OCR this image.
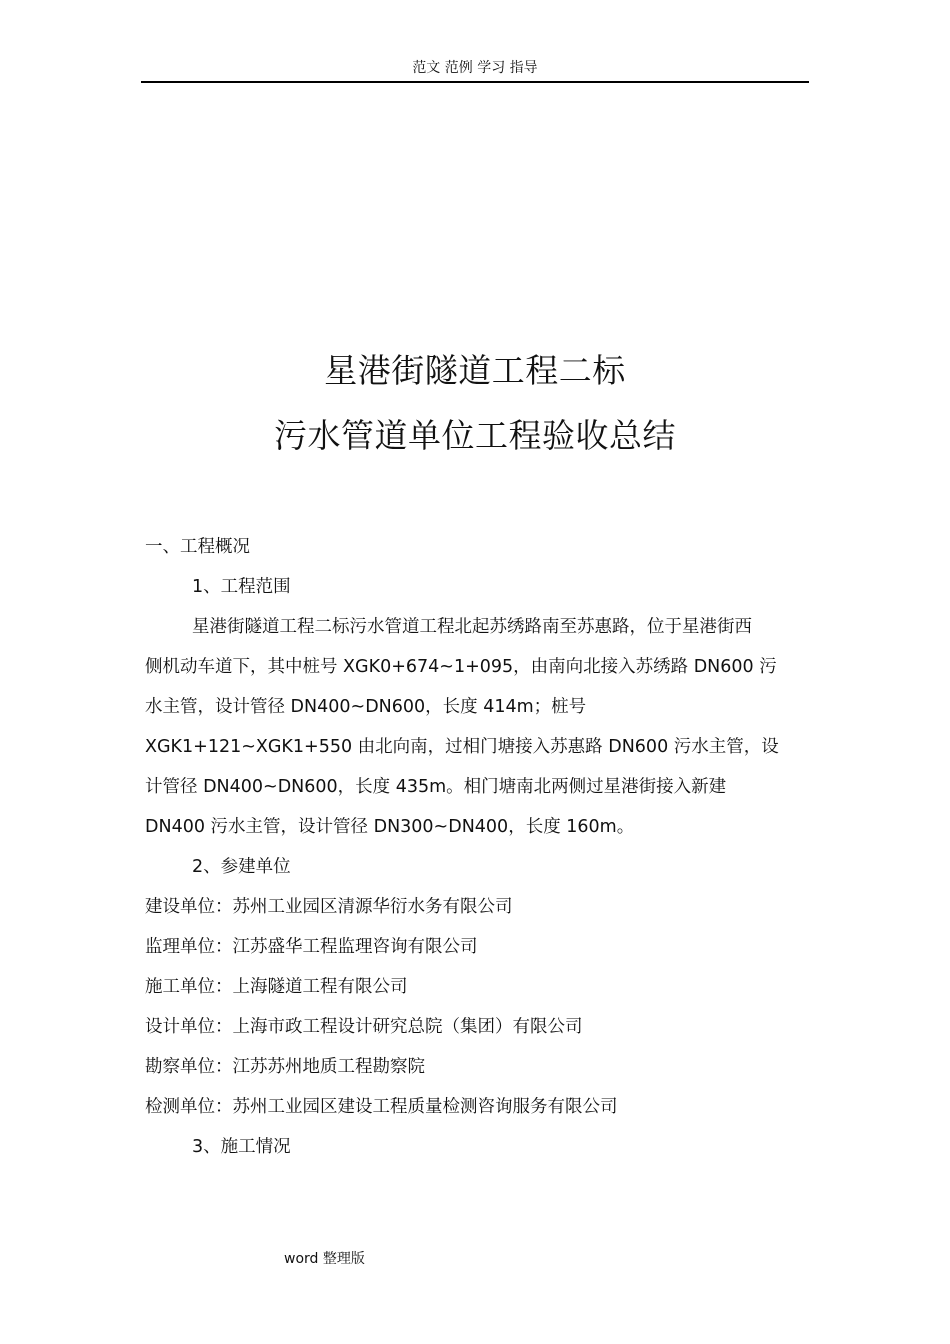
范文 范例 学习 指导
星港街隧道工程二标
污水管道单位工程验收总结

一、工程概况

1、工程范围

星港街隧道工程二标污水管道工程北起苏绣路南至苏惠路，位于星港街西

侧机动车道下，其中桩号 XGK0+674~1+095，由南向北接入苏绣路 DN600 污

水主管，设计管径 DN400~DN600，长度 414m；桩号

XGK1+121~XGK1+550 由北向南，过相门塘接入苏惠路 DN600 污水主管，设

计管径 DN400~DN600，长度 435m。相门塘南北两侧过星港街接入新建

DN400 污水主管，设计管径 DN300~DN400，长度 160m。

2、参建单位

建设单位：苏州工业园区清源华衍水务有限公司

监理单位：江苏盛华工程监理咨询有限公司

施工单位：上海隧道工程有限公司

设计单位：上海市政工程设计研究总院（集团）有限公司

勘察单位：江苏苏州地质工程勘察院

检测单位：苏州工业园区建设工程质量检测咨询服务有限公司

3、施工情况

word 整理版
